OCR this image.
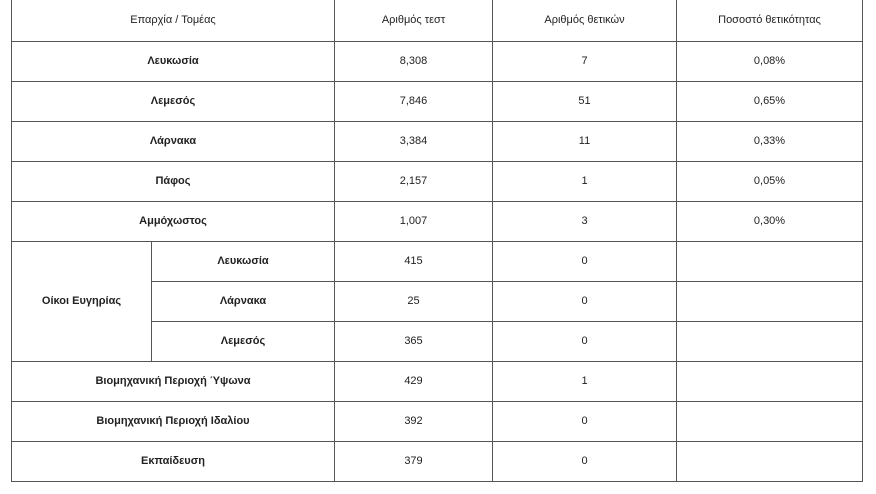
Επαρχία / Τομέας		Αριθμός τεστ	Αριθμός θετικών	Ποσοστό θετικότητας
Λευκωσία		8,308	7	0,08%
Λεμεσός		7,846	51	0,65%
Λάρνακα		3,384	11	0,33%
Πάφος		2,157	1	0,05%
Αμμόχωστος		1,007	3	0,30%
Οίκοι Ευγηρίας	Λευκωσία	415	0	
	Λάρνακα	25	0	
	Λεμεσός	365	0	
Βιομηχανική Περιοχή Ύψωνα		429	1	
Βιομηχανική Περιοχή Ιδαλίου		392	0	
Εκπαίδευση		379	0	
